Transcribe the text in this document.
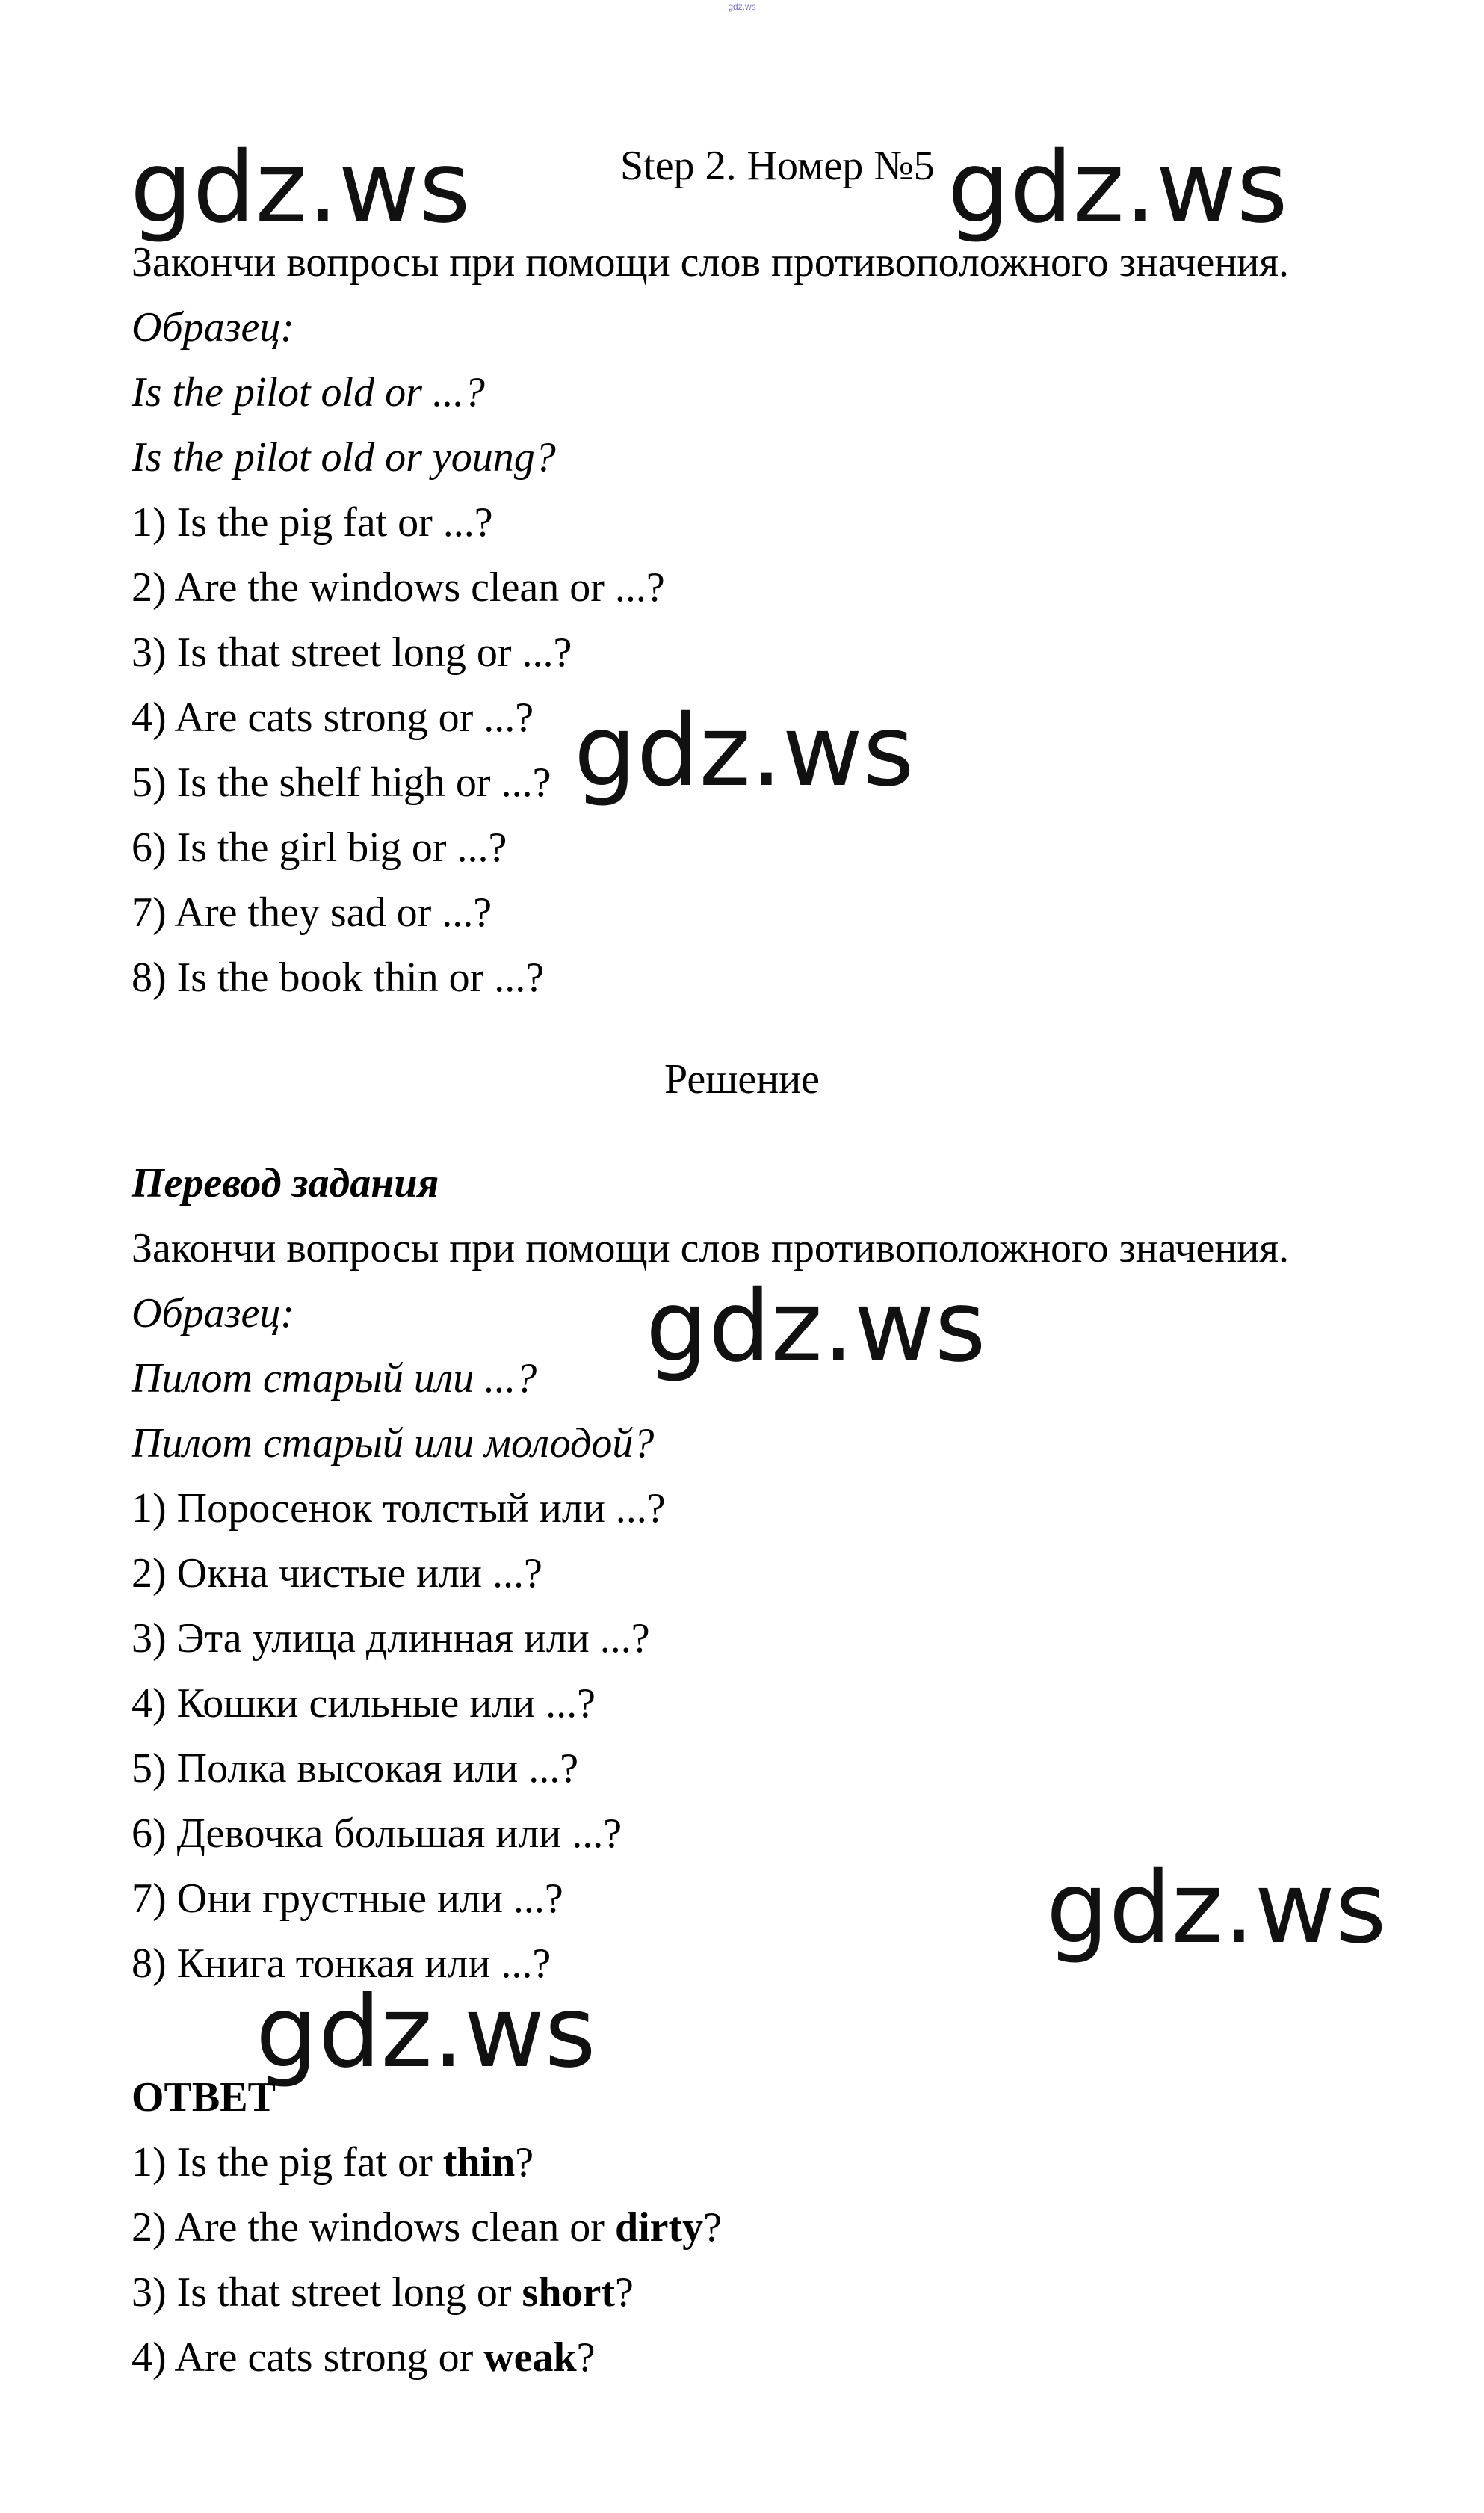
gdz.ws
gdz.ws	Step 2. Номер №5 gdz.ws
Закончи вопросы при помощи слов противоположного значения.
Образец:
Is the pilot old or ...?
Is the pilot old or young?
1) Is the pig fat or ...?
2) Are the windows clean or ...?
3) Is that street long or ...?
4) Are cats strong or ...?
5) Is the shelf high or ...?
6) Is the girl big or ...?
7) Are they sad or ...?
8) Is the book thin or ...?
gdz.ws
Решение
Перевод задания
Закончи вопросы при помощи слов противоположного значения.
Образец:
Пилот старый или ...?
Пилот старый или молодой?
gdz.ws
1) Поросенок толстый или ...?
2) Окна чистые или ...?
3) Эта улица длинная или ...?
4) Кошки сильные или ...?
5) Полка высокая или ...?
6) Девочка большая или ...?
7) Они грустные или ...?
8) Книга тонкая или ...?	gdz.ws
gdz.ws
ОТВЕТ
1) Is the pig fat or thin?
2) Are the windows clean or dirty?
3) Is that street long or short?
4) Are cats strong or weak?
